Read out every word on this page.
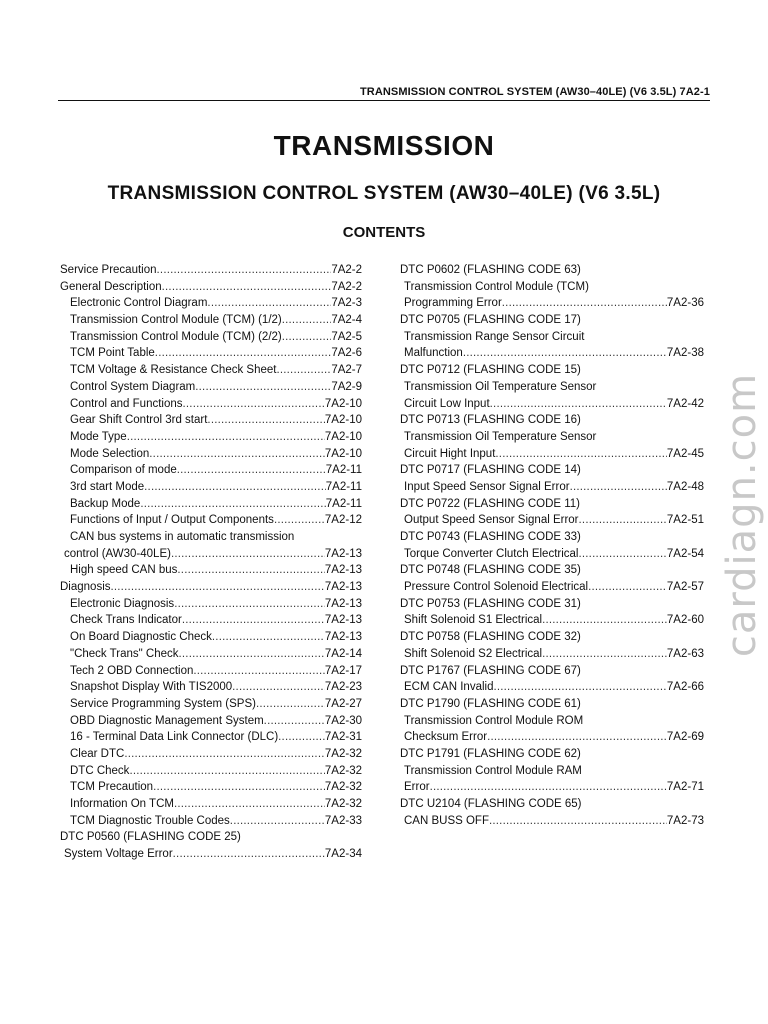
TRANSMISSION CONTROL SYSTEM (AW30–40LE) (V6 3.5L) 7A2-1
TRANSMISSION
TRANSMISSION CONTROL SYSTEM (AW30–40LE) (V6 3.5L)
CONTENTS
Service Precaution .....	7A2-2
General Description .....	7A2-2
Electronic Control Diagram .....	7A2-3
Transmission Control Module (TCM) (1/2) .....	7A2-4
Transmission Control Module (TCM) (2/2) .....	7A2-5
TCM Point Table .....	7A2-6
TCM Voltage & Resistance Check Sheet .....	7A2-7
Control System Diagram .....	7A2-9
Control and Functions .....	7A2-10
Gear Shift Control 3rd start .....	7A2-10
Mode Type .....	7A2-10
Mode Selection .....	7A2-10
Comparison of mode .....	7A2-11
3rd start Mode .....	7A2-11
Backup Mode .....	7A2-11
Functions of Input / Output Components .....	7A2-12
CAN bus systems in automatic transmission
control (AW30-40LE) .....	7A2-13
High speed CAN bus .....	7A2-13
Diagnosis .....	7A2-13
Electronic Diagnosis .....	7A2-13
Check Trans Indicator .....	7A2-13
On Board Diagnostic Check .....	7A2-13
"Check Trans" Check .....	7A2-14
Tech 2 OBD Connection .....	7A2-17
Snapshot Display With TIS2000 .....	7A2-23
Service Programming System (SPS) .....	7A2-27
OBD Diagnostic Management System .....	7A2-30
16 - Terminal Data Link Connector (DLC) .....	7A2-31
Clear DTC .....	7A2-32
DTC Check .....	7A2-32
TCM Precaution .....	7A2-32
Information On TCM .....	7A2-32
TCM Diagnostic Trouble Codes .....	7A2-33
DTC P0560 (FLASHING CODE 25)
System Voltage Error .....	7A2-34
DTC P0602 (FLASHING CODE 63)
Transmission Control Module (TCM)
Programming Error .....	7A2-36
DTC P0705 (FLASHING CODE 17)
Transmission Range Sensor Circuit
Malfunction .....	7A2-38
DTC P0712 (FLASHING CODE 15)
Transmission Oil Temperature Sensor
Circuit Low Input .....	7A2-42
DTC P0713 (FLASHING CODE 16)
Transmission Oil Temperature Sensor
Circuit Hight Input .....	7A2-45
DTC P0717 (FLASHING CODE 14)
Input Speed Sensor Signal Error .....	7A2-48
DTC P0722 (FLASHING CODE 11)
Output Speed Sensor Signal Error .....	7A2-51
DTC P0743 (FLASHING CODE 33)
Torque Converter Clutch Electrical .....	7A2-54
DTC P0748 (FLASHING CODE 35)
Pressure Control Solenoid Electrical .....	7A2-57
DTC P0753 (FLASHING CODE 31)
Shift Solenoid S1 Electrical .....	7A2-60
DTC P0758 (FLASHING CODE 32)
Shift Solenoid S2 Electrical .....	7A2-63
DTC P1767 (FLASHING CODE 67)
ECM CAN Invalid .....	7A2-66
DTC P1790 (FLASHING CODE 61)
Transmission Control Module ROM
Checksum Error .....	7A2-69
DTC P1791 (FLASHING CODE 62)
Transmission Control Module RAM
Error .....	7A2-71
DTC U2104 (FLASHING CODE 65)
CAN BUSS OFF .....	7A2-73
cardiagn.com
